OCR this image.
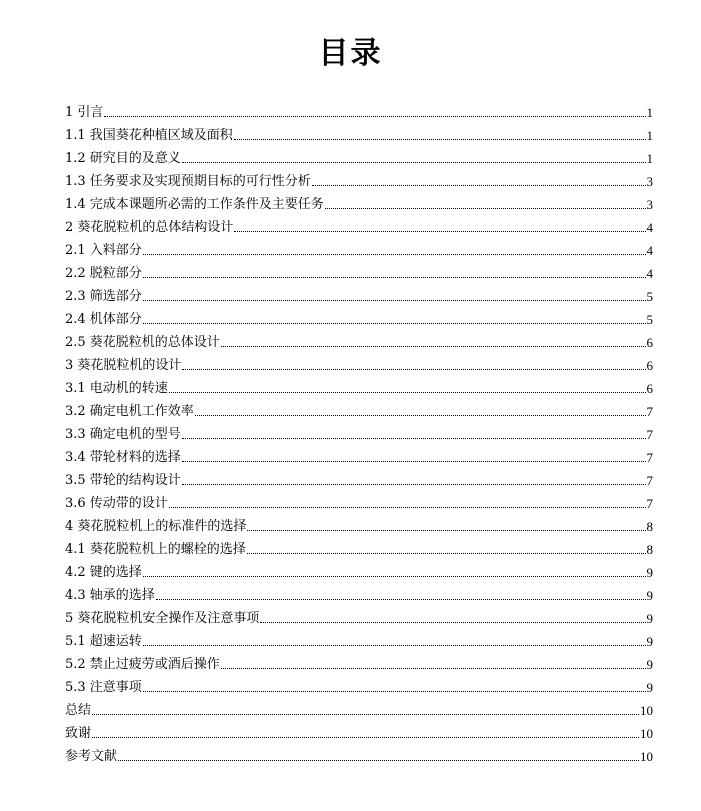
目录
1 引言	1
1.1 我国葵花种植区域及面积	1
1.2 研究目的及意义	1
1.3 任务要求及实现预期目标的可行性分析	3
1.4 完成本课题所必需的工作条件及主要任务	3
2 葵花脱粒机的总体结构设计	4
2.1 入料部分	4
2.2 脱粒部分	4
2.3 筛选部分	5
2.4 机体部分	5
2.5 葵花脱粒机的总体设计	6
3 葵花脱粒机的设计	6
3.1 电动机的转速	6
3.2 确定电机工作效率	7
3.3 确定电机的型号	7
3.4 带轮材料的选择	7
3.5 带轮的结构设计	7
3.6 传动带的设计	7
4 葵花脱粒机上的标准件的选择	8
4.1 葵花脱粒机上的螺栓的选择	8
4.2 键的选择	9
4.3 轴承的选择	9
5 葵花脱粒机安全操作及注意事项	9
5.1 超速运转	9
5.2 禁止过疲劳或酒后操作	9
5.3 注意事项	9
总结	10
致谢	10
参考文献	10
